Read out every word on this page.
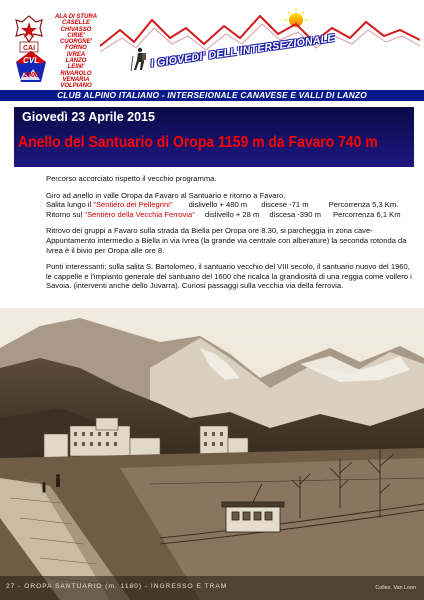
CAI
ALA DI STURA
CASELLE
CHIVASSO
CIRIE'
CUORGNE'
FORNO
IVREA
LANZO
LEINI'
RIVAROLO
VENARIA
VOLPIANO
CVL
2000
I GIOVEDI' DELL'INTERSEZIONALE
CLUB ALPINO ITALIANO - INTERSEIONALE CANAVESE E VALLI DI LANZO
Giovedì 23 Aprile 2015
Anello del Santuario di Oropa 1159 m da Favaro 740 m

Percorso accorciato rispetto il vecchio programma.

Giro ad anello in valle Oropa da Favaro al Santuario e ritorno a Favaro.
Salita lungo il "Sentiero dei Pellegrini" dislivello + 480 m discese -71 m	Percorrenza 5,3 Km.

Ritorno sul "Sentiero della Vecchia Ferrovia" dislivello + 28 m discesa -390 m Percorrenza 6,1 Km

Ritrovo dei gruppi a Favaro sulla strada da Biella per Oropa ore 8.30, si parcheggia in zona cave- Appuntamento intermedio a Biella in via Ivrea (la grande via centrale con alberature) la seconda rotonda da Ivrea è il bivio per Oropa alle ore 8.

Punti interessanti; sulla salita S. Bartolomeo, il santuario vecchio del VIII secolo, il santuario nuovo del 1960, le cappelle e l'impianto generale del santuario del 1600 che ricalca la grandiosità di una reggia come vollero i Savoia. (interventi anche dello Juvarra). Curiosi passaggi sulla vecchia via della ferrovia.

27 - OROPA SANTUARIO (m. 1180) - INGRESSO E TRAM	Collez. Van Loon
